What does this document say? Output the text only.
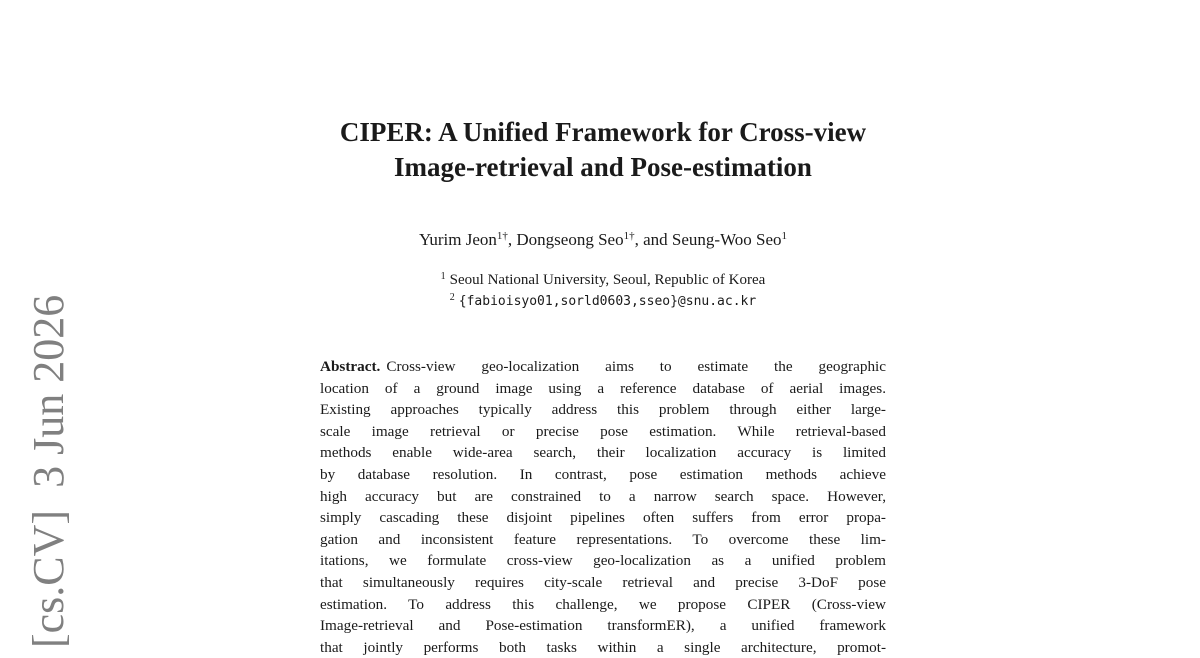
CIPER: A Unified Framework for Cross-view
Image-retrieval and Pose-estimation
Yurim Jeon$^{1\dagger}$, Dongseong Seo$^{1\dagger}$, and Seung-Woo Seo$^1$
$^1$ Seoul National University, Seoul, Republic of Korea
$^2$ {fabioisyo01,sorld0603,sseo}@snu.ac.kr
Abstract. Cross-view geo-localization aims to estimate the geographic
location of a ground image using a reference database of aerial images.
Existing approaches typically address this problem through either large-
scale image retrieval or precise pose estimation. While retrieval-based
methods enable wide-area search, their localization accuracy is limited
by database resolution. In contrast, pose estimation methods achieve
high accuracy but are constrained to a narrow search space. However,
simply cascading these disjoint pipelines often suffers from error propa-
gation and inconsistent feature representations. To overcome these lim-
itations, we formulate cross-view geo-localization as a unified problem
that simultaneously requires city-scale retrieval and precise 3-DoF pose
estimation. To address this challenge, we propose CIPER (Cross-view
Image-retrieval and Pose-estimation transformER), a unified framework
that jointly performs both tasks within a single architecture, promot-
[cs.CV]3 Jun 2026
